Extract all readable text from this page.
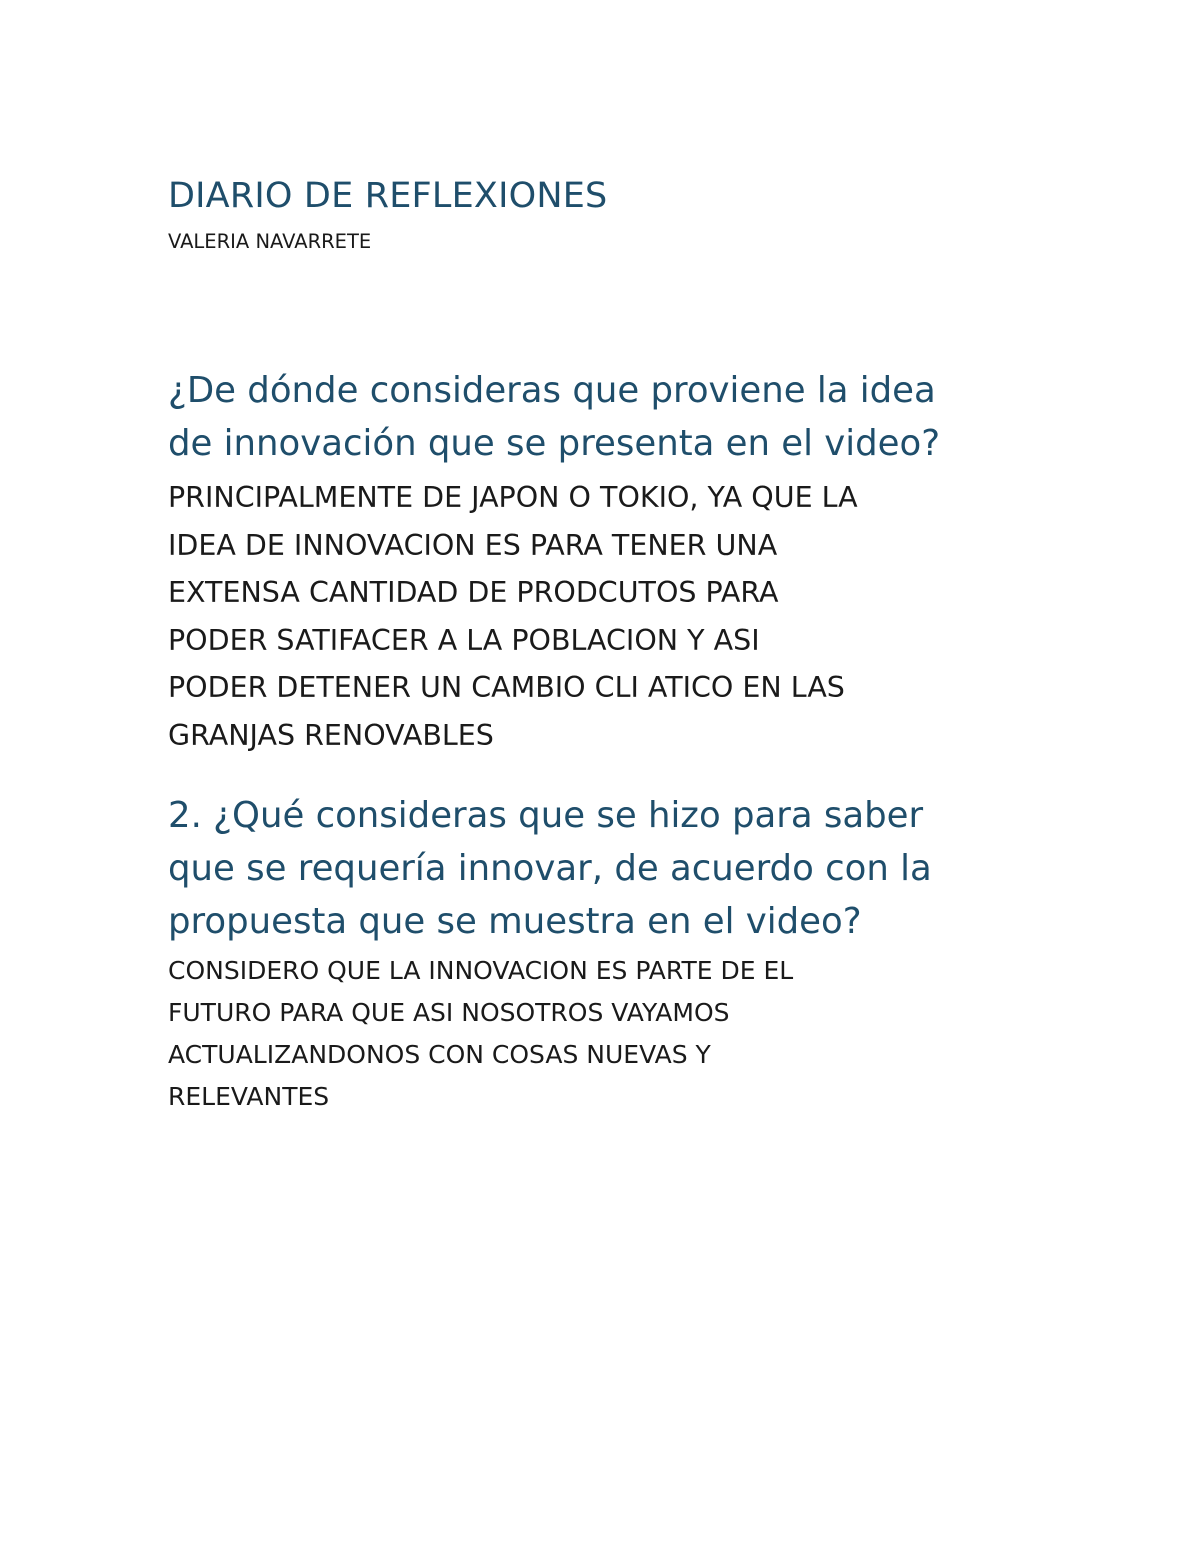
DIARIO DE REFLEXIONES

VALERIA NAVARRETE

¿De dónde consideras que proviene la idea
de innovación que se presenta en el video?

PRINCIPALMENTE DE JAPON O TOKIO, YA QUE LA
IDEA DE INNOVACION ES PARA TENER UNA
EXTENSA CANTIDAD DE PRODCUTOS PARA
PODER SATIFACER A LA POBLACION Y ASI
PODER DETENER UN CAMBIO CLI ATICO EN LAS
GRANJAS RENOVABLES

2. ¿Qué consideras que se hizo para saber
que se requería innovar, de acuerdo con la
propuesta que se muestra en el video?

CONSIDERO QUE LA INNOVACION ES PARTE DE EL
FUTURO PARA QUE ASI NOSOTROS VAYAMOS
ACTUALIZANDONOS CON COSAS NUEVAS Y
RELEVANTES
